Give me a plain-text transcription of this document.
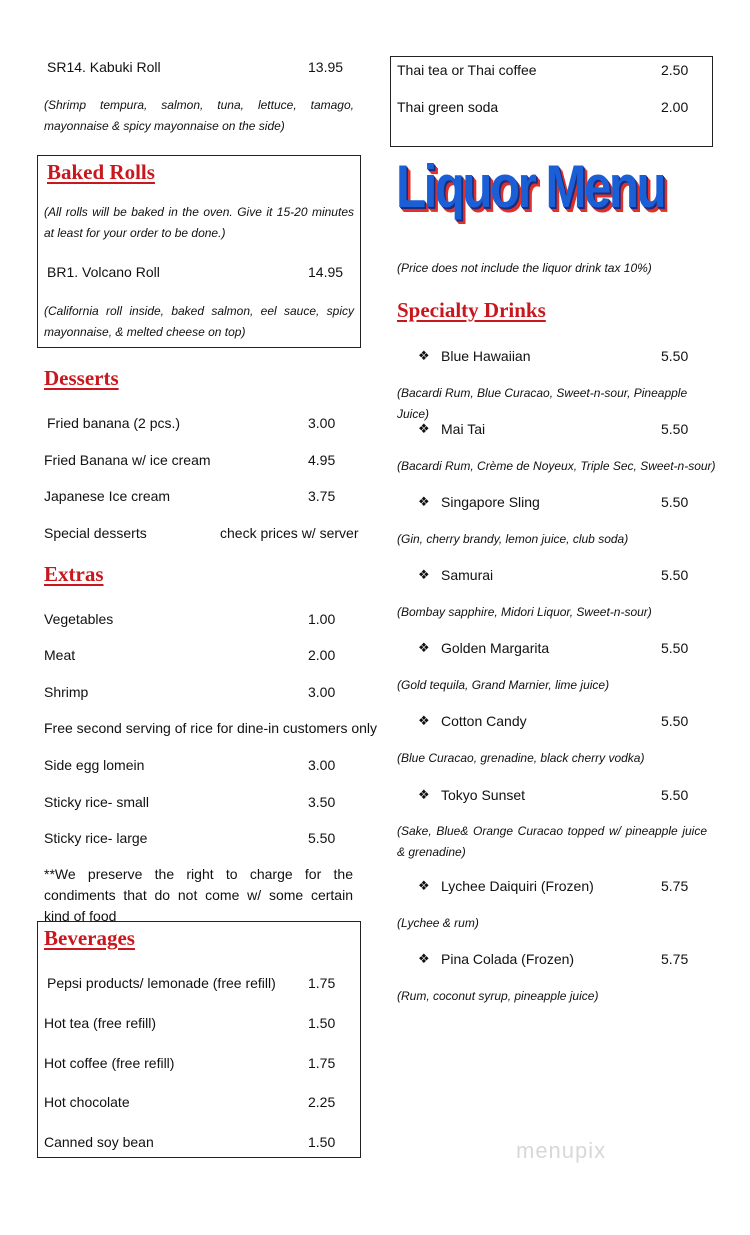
SR14. Kabuki Roll	13.95
(Shrimp tempura, salmon, tuna, lettuce, tamago, mayonnaise & spicy mayonnaise on the side)
Baked Rolls
(All rolls will be baked in the oven. Give it 15-20 minutes at least for your order to be done.)
BR1. Volcano Roll	14.95
(California roll inside, baked salmon, eel sauce, spicy mayonnaise, & melted cheese on top)
Desserts
Fried banana (2 pcs.)	3.00
Fried Banana w/ ice cream	4.95
Japanese Ice cream	3.75
Special desserts	check prices w/ server
Extras
Vegetables	1.00
Meat	2.00
Shrimp	3.00
Free second serving of rice for dine-in customers only
Side egg lomein	3.00
Sticky rice- small	3.50
Sticky rice- large	5.50
**We preserve the right to charge for the condiments that do not come w/ some certain kind of food
Beverages
Pepsi products/ lemonade (free refill) 1.75
Hot tea (free refill)	1.50
Hot coffee (free refill)	1.75
Hot chocolate	2.25
Canned soy bean	1.50
Thai tea or Thai coffee	2.50
Thai green soda	2.00
Liquor Menu
(Price does not include the liquor drink tax 10%)
Specialty Drinks
❖ Blue Hawaiian	5.50
(Bacardi Rum, Blue Curacao, Sweet-n-sour, Pineapple Juice)
❖ Mai Tai	5.50
(Bacardi Rum, Crème de Noyeux, Triple Sec, Sweet-n-sour)
❖ Singapore Sling	5.50
(Gin, cherry brandy, lemon juice, club soda)
❖ Samurai	5.50
(Bombay sapphire, Midori Liquor, Sweet-n-sour)
❖ Golden Margarita	5.50
(Gold tequila, Grand Marnier, lime juice)
❖ Cotton Candy	5.50
(Blue Curacao, grenadine, black cherry vodka)
❖ Tokyo Sunset	5.50
(Sake, Blue& Orange Curacao topped w/ pineapple juice & grenadine)
❖ Lychee Daiquiri (Frozen)	5.75
(Lychee & rum)
❖ Pina Colada (Frozen)	5.75
(Rum, coconut syrup, pineapple juice)
menupix
